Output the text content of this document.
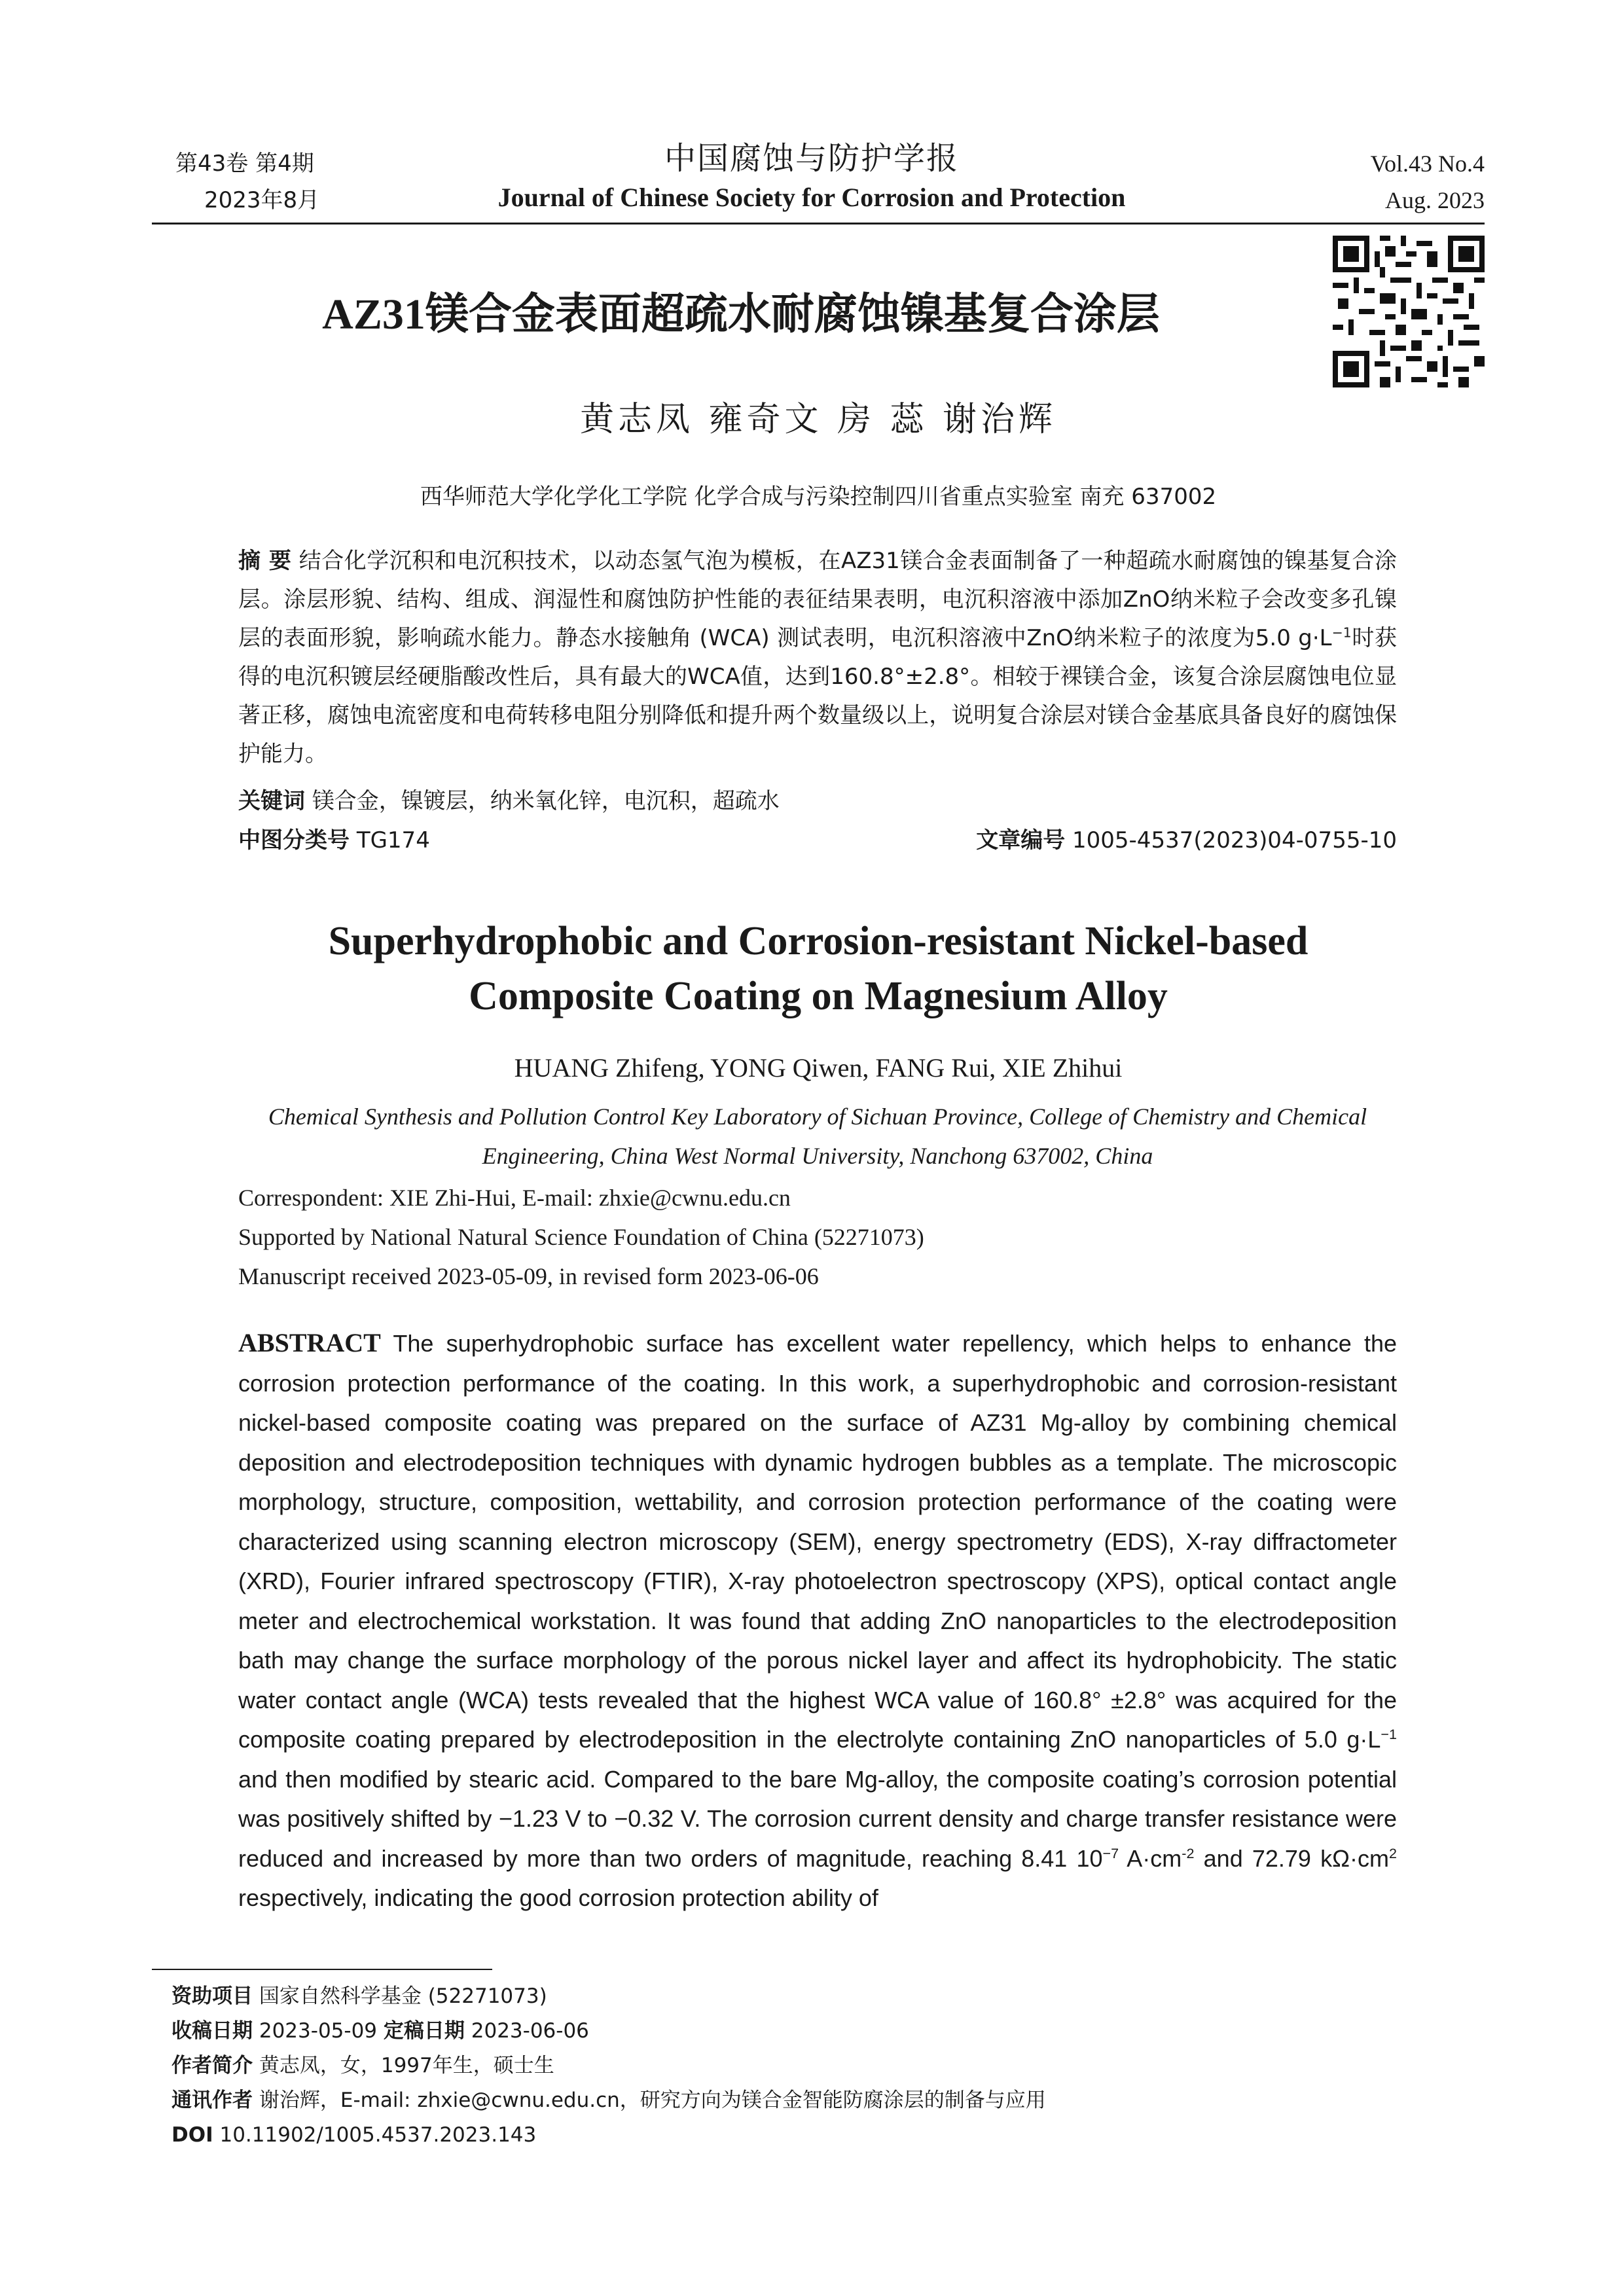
第43卷 第4期
2023年8月
中国腐蚀与防护学报
Journal of Chinese Society for Corrosion and Protection
Vol.43 No.4
Aug. 2023
AZ31镁合金表面超疏水耐腐蚀镍基复合涂层
黄志凤 雍奇文 房 蕊 谢治辉
西华师范大学化学化工学院 化学合成与污染控制四川省重点实验室 南充 637002
摘 要 结合化学沉积和电沉积技术，以动态氢气泡为模板，在AZ31镁合金表面制备了一种超疏水耐腐蚀的镍基复合涂层。涂层形貌、结构、组成、润湿性和腐蚀防护性能的表征结果表明，电沉积溶液中添加ZnO纳米粒子会改变多孔镍层的表面形貌，影响疏水能力。静态水接触角 (WCA) 测试表明，电沉积溶液中ZnO纳米粒子的浓度为5.0 $g\cdot L^{-1}$时获得的电沉积镀层经硬脂酸改性后，具有最大的WCA值，达到160.8°±2.8°。相较于裸镁合金，该复合涂层腐蚀电位显著正移，腐蚀电流密度和电荷转移电阻分别降低和提升两个数量级以上，说明复合涂层对镁合金基底具备良好的腐蚀保护能力。
关键词 镁合金，镍镀层，纳米氧化锌，电沉积，超疏水
中图分类号 TG174	文章编号 1005-4537(2023)04-0755-10
Superhydrophobic and Corrosion-resistant Nickel-based
Composite Coating on Magnesium Alloy
HUANG Zhifeng, YONG Qiwen, FANG Rui, XIE Zhihui
Chemical Synthesis and Pollution Control Key Laboratory of Sichuan Province, College of Chemistry and Chemical Engineering, China West Normal University, Nanchong 637002, China
Correspondent: XIE Zhi-Hui, E-mail: zhxie@cwnu.edu.cn
Supported by National Natural Science Foundation of China (52271073)
Manuscript received 2023-05-09, in revised form 2023-06-06
ABSTRACT The superhydrophobic surface has excellent water repellency, which helps to enhance the corrosion protection performance of the coating. In this work, a superhydrophobic and corrosion-resistant nickel-based composite coating was prepared on the surface of AZ31 Mg-alloy by combining chemical deposition and electrodeposition techniques with dynamic hydrogen bubbles as a template. The microscopic morphology, structure, composition, wettability, and corrosion protection performance of the coating were characterized using scanning electron microscopy (SEM), energy spectrometry (EDS), X-ray diffractometer (XRD), Fourier infrared spectroscopy (FTIR), X-ray photoelectron spectroscopy (XPS), optical contact angle meter and electrochemical workstation. It was found that adding ZnO nanoparticles to the electrodeposition bath may change the surface morphology of the porous nickel layer and affect its hydrophobicity. The static water contact angle (WCA) tests revealed that the highest WCA value of 160.8° ±2.8° was acquired for the composite coating prepared by electrodeposition in the electrolyte containing ZnO nanoparticles of 5.0 $g\cdot L^{-1}$ and then modified by stearic acid. Compared to the bare Mg-alloy, the composite coating’s corrosion potential was positively shifted by −1.23 V to −0.32 V. The corrosion current density and charge transfer resistance were reduced and increased by more than two orders of magnitude, reaching 8.41 $10^{-7}$ $A\cdot cm^{-2}$ and 72.79 $k\Omega\cdot cm^2$ respectively, indicating the good corrosion protection ability of
资助项目 国家自然科学基金 (52271073)
收稿日期 2023-05-09 定稿日期 2023-06-06
作者简介 黄志凤，女，1997年生，硕士生
通讯作者 谢治辉，E-mail: zhxie@cwnu.edu.cn，研究方向为镁合金智能防腐涂层的制备与应用
DOI 10.11902/1005.4537.2023.143
